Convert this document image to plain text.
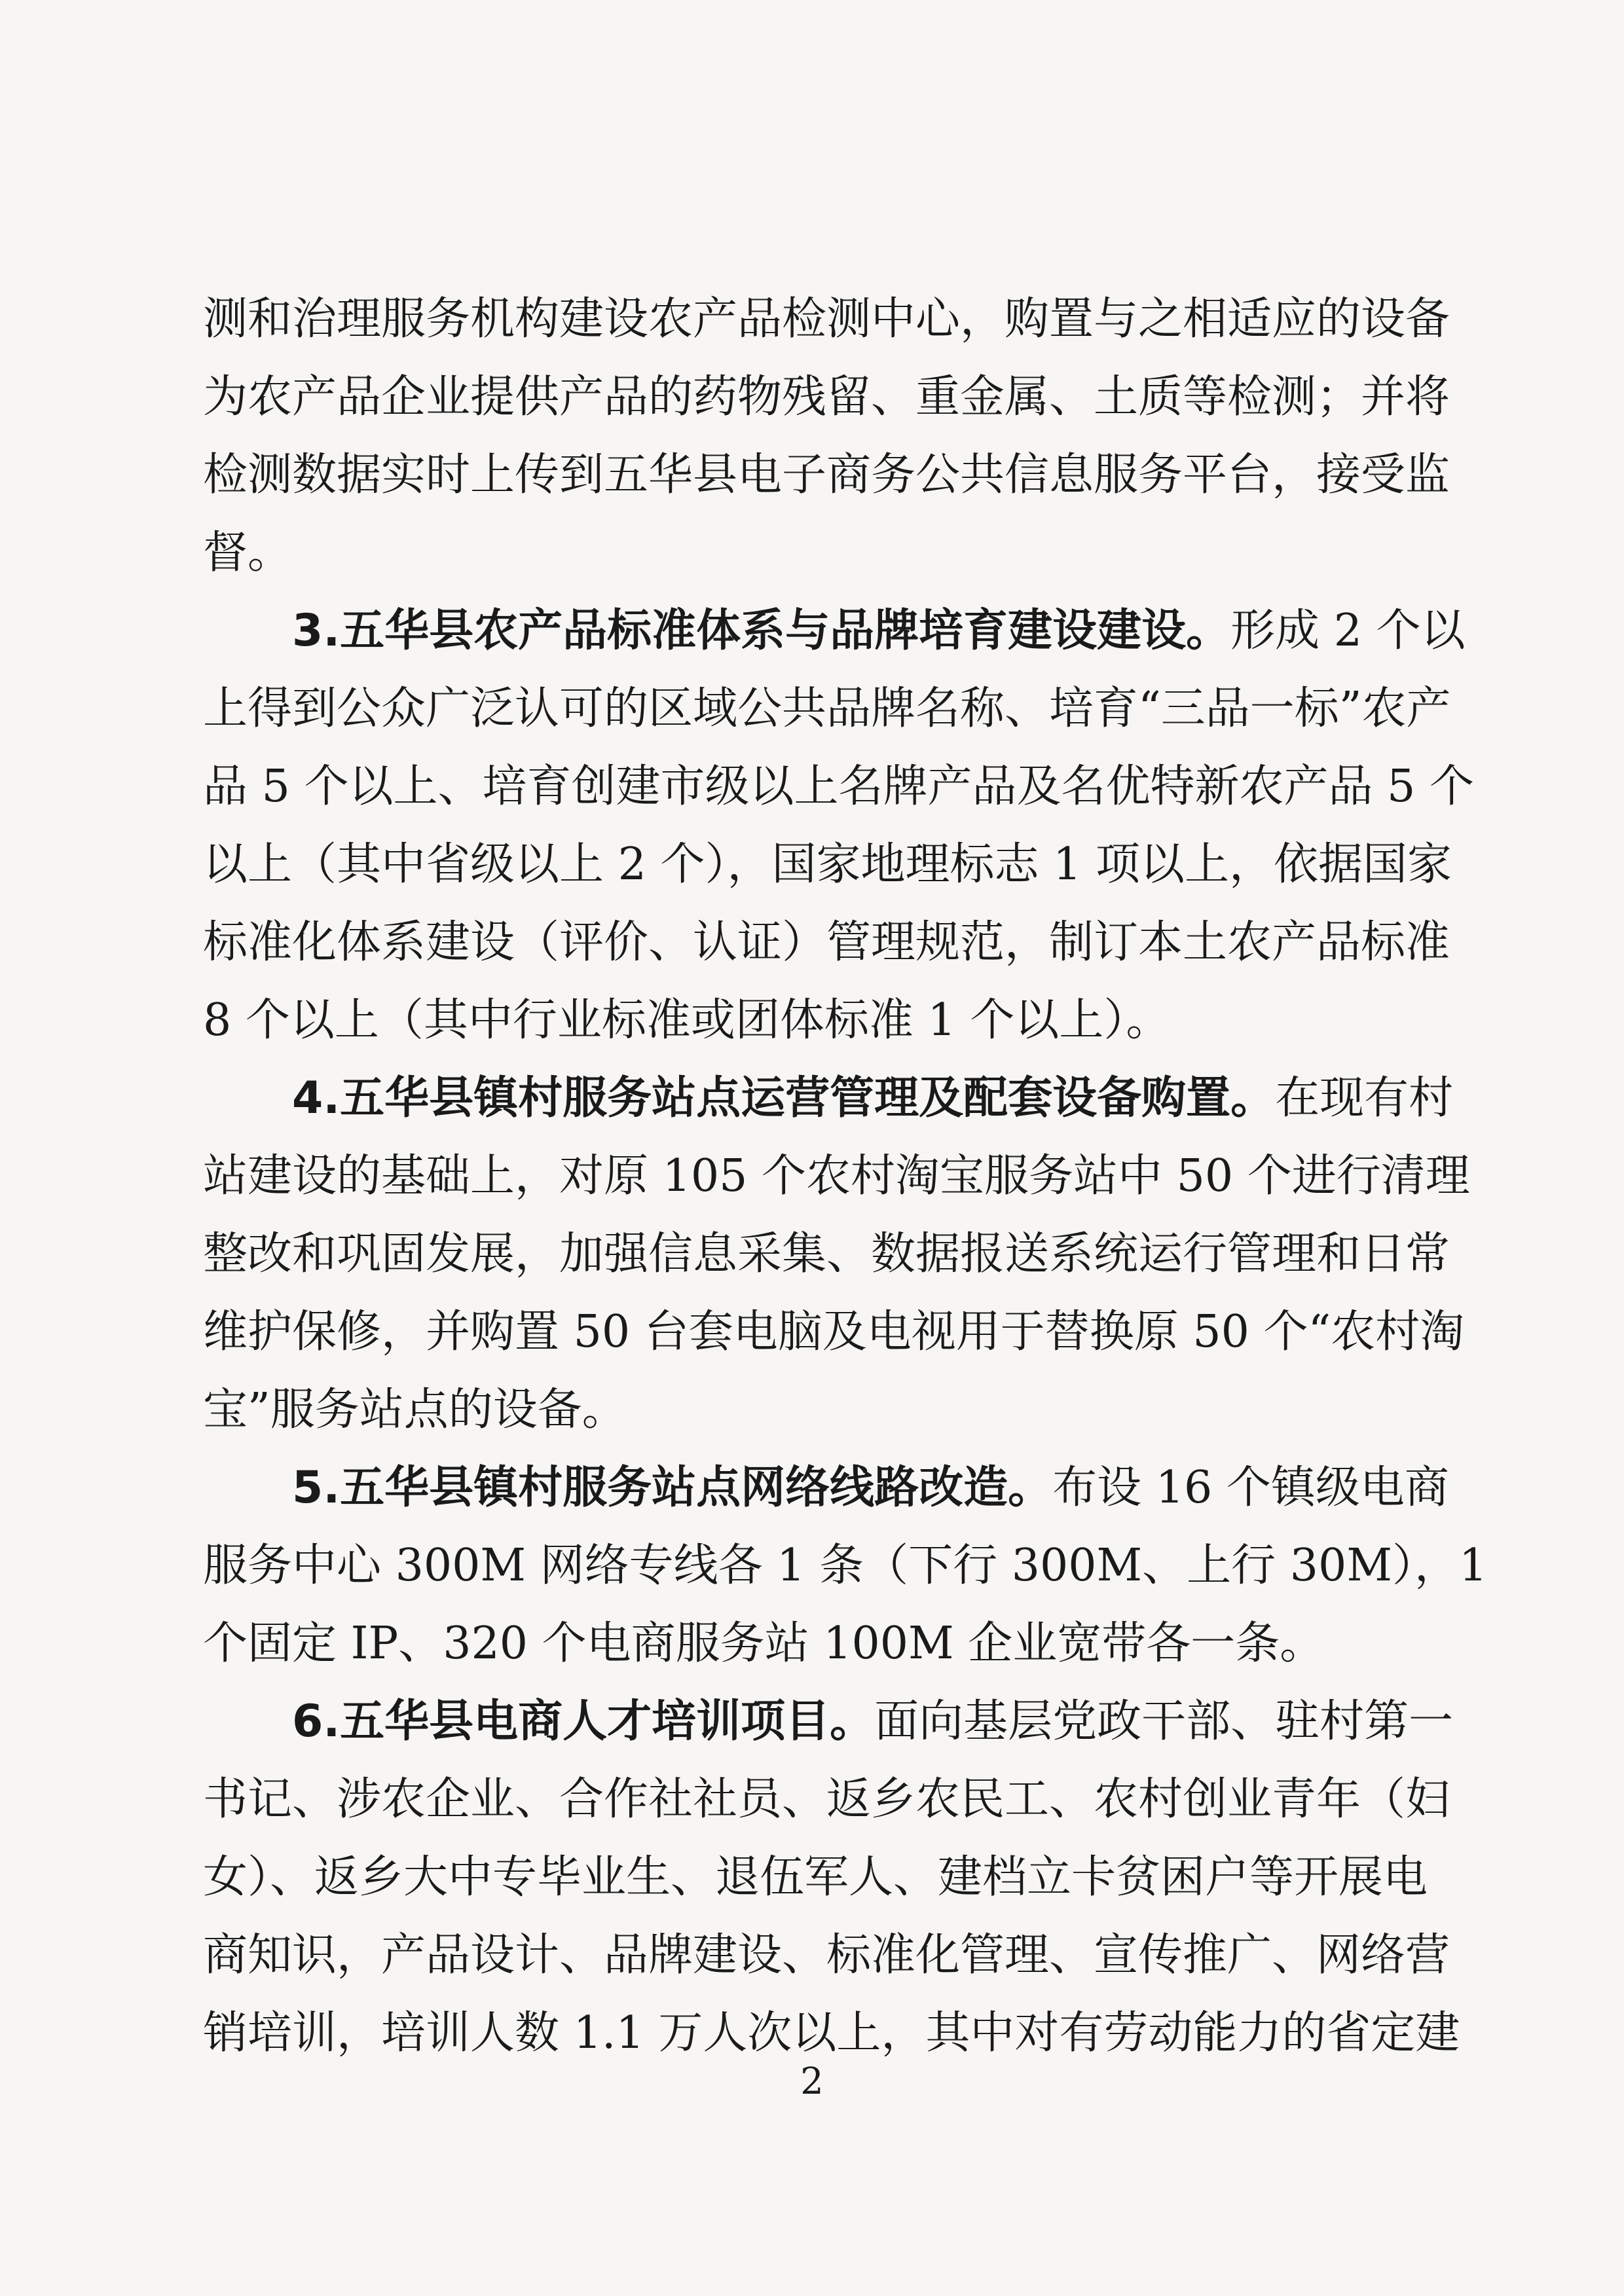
测和治理服务机构建设农产品检测中心，购置与之相适应的设备
为农产品企业提供产品的药物残留、重金属、土质等检测；并将
检测数据实时上传到五华县电子商务公共信息服务平台，接受监
督。
3.五华县农产品标准体系与品牌培育建设建设。形成 2 个以
上得到公众广泛认可的区域公共品牌名称、培育“三品一标”农产
品 5 个以上、培育创建市级以上名牌产品及名优特新农产品 5 个
以上（其中省级以上 2 个），国家地理标志 1 项以上，依据国家
标准化体系建设（评价、认证）管理规范，制订本土农产品标准
8 个以上（其中行业标准或团体标准 1 个以上）。
4.五华县镇村服务站点运营管理及配套设备购置。在现有村
站建设的基础上，对原 105 个农村淘宝服务站中 50 个进行清理
整改和巩固发展，加强信息采集、数据报送系统运行管理和日常
维护保修，并购置 50 台套电脑及电视用于替换原 50 个“农村淘
宝”服务站点的设备。
5.五华县镇村服务站点网络线路改造。布设 16 个镇级电商
服务中心 300M 网络专线各 1 条（下行 300M、上行 30M），1
个固定 IP、320 个电商服务站 100M 企业宽带各一条。
6.五华县电商人才培训项目。面向基层党政干部、驻村第一
书记、涉农企业、合作社社员、返乡农民工、农村创业青年（妇
女）、返乡大中专毕业生、退伍军人、建档立卡贫困户等开展电
商知识，产品设计、品牌建设、标准化管理、宣传推广、网络营
销培训，培训人数 1.1 万人次以上，其中对有劳动能力的省定建
2
